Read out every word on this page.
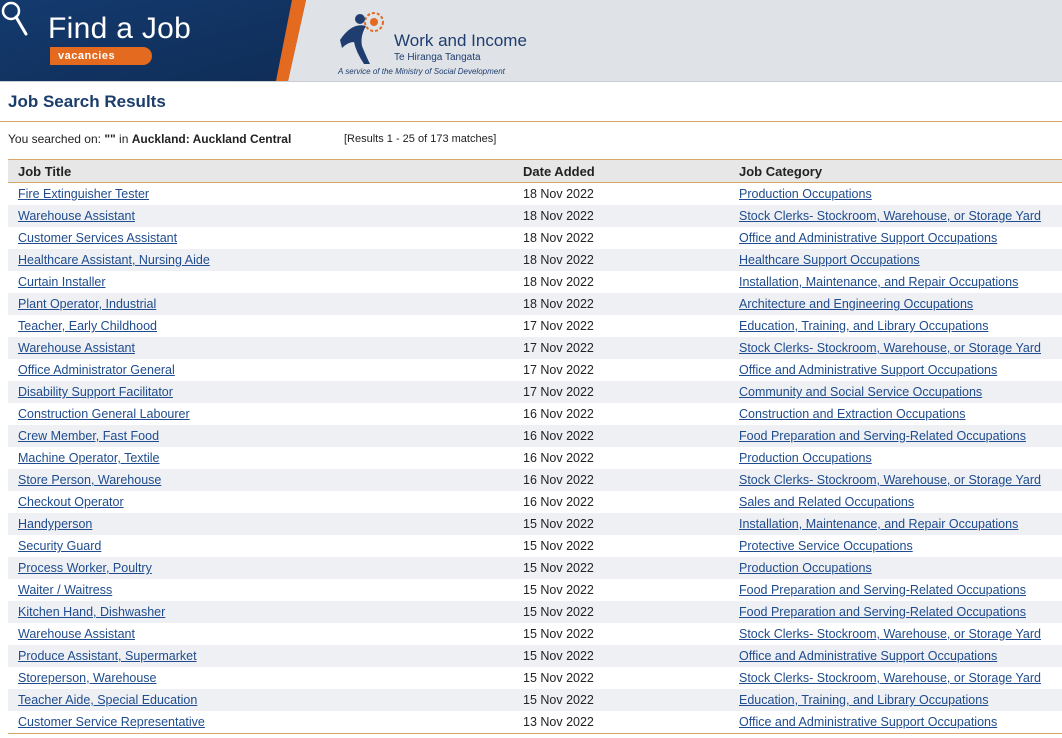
Find a Job
vacancies
Work and Income
Te Hiranga Tangata
A service of the Ministry of Social Development
Job Search Results
You searched on: "" in Auckland: Auckland Central	[Results 1 - 25 of 173 matches]
Job Title	Date Added	Job Category
Fire Extinguisher Tester	18 Nov 2022	Production Occupations
Warehouse Assistant	18 Nov 2022	Stock Clerks- Stockroom, Warehouse, or Storage Yard
Customer Services Assistant	18 Nov 2022	Office and Administrative Support Occupations
Healthcare Assistant, Nursing Aide	18 Nov 2022	Healthcare Support Occupations
Curtain Installer	18 Nov 2022	Installation, Maintenance, and Repair Occupations
Plant Operator, Industrial	18 Nov 2022	Architecture and Engineering Occupations
Teacher, Early Childhood	17 Nov 2022	Education, Training, and Library Occupations
Warehouse Assistant	17 Nov 2022	Stock Clerks- Stockroom, Warehouse, or Storage Yard
Office Administrator General	17 Nov 2022	Office and Administrative Support Occupations
Disability Support Facilitator	17 Nov 2022	Community and Social Service Occupations
Construction General Labourer	16 Nov 2022	Construction and Extraction Occupations
Crew Member, Fast Food	16 Nov 2022	Food Preparation and Serving-Related Occupations
Machine Operator, Textile	16 Nov 2022	Production Occupations
Store Person, Warehouse	16 Nov 2022	Stock Clerks- Stockroom, Warehouse, or Storage Yard
Checkout Operator	16 Nov 2022	Sales and Related Occupations
Handyperson	15 Nov 2022	Installation, Maintenance, and Repair Occupations
Security Guard	15 Nov 2022	Protective Service Occupations
Process Worker, Poultry	15 Nov 2022	Production Occupations
Waiter / Waitress	15 Nov 2022	Food Preparation and Serving-Related Occupations
Kitchen Hand, Dishwasher	15 Nov 2022	Food Preparation and Serving-Related Occupations
Warehouse Assistant	15 Nov 2022	Stock Clerks- Stockroom, Warehouse, or Storage Yard
Produce Assistant, Supermarket	15 Nov 2022	Office and Administrative Support Occupations
Storeperson, Warehouse	15 Nov 2022	Stock Clerks- Stockroom, Warehouse, or Storage Yard
Teacher Aide, Special Education	15 Nov 2022	Education, Training, and Library Occupations
Customer Service Representative	13 Nov 2022	Office and Administrative Support Occupations
